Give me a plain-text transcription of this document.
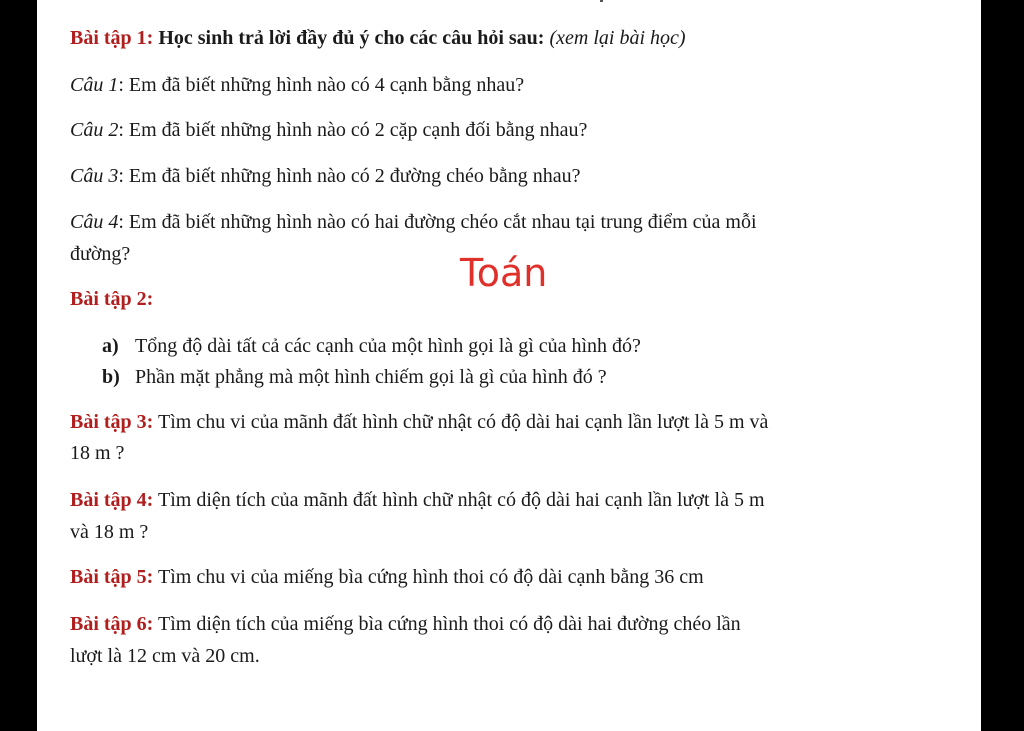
Bài tập 1: Học sinh trả lời đầy đủ ý cho các câu hỏi sau: (xem lại bài học)
Câu 1: Em đã biết những hình nào có 4 cạnh bằng nhau?
Câu 2: Em đã biết những hình nào có 2 cặp cạnh đối bằng nhau?
Câu 3: Em đã biết những hình nào có 2 đường chéo bằng nhau?
Câu 4: Em đã biết những hình nào có hai đường chéo cắt nhau tại trung điểm của mỗi
đường?	Toán
Bài tập 2:
a) Tổng độ dài tất cả các cạnh của một hình gọi là gì của hình đó?
b) Phần mặt phẳng mà một hình chiếm gọi là gì của hình đó ?
Bài tập 3: Tìm chu vi của mãnh đất hình chữ nhật có độ dài hai cạnh lần lượt là 5 m và
18 m ?
Bài tập 4: Tìm diện tích của mãnh đất hình chữ nhật có độ dài hai cạnh lần lượt là 5 m
và 18 m ?
Bài tập 5: Tìm chu vi của miếng bìa cứng hình thoi có độ dài cạnh bằng 36 cm
Bài tập 6: Tìm diện tích của miếng bìa cứng hình thoi có độ dài hai đường chéo lần
lượt là 12 cm và 20 cm.
